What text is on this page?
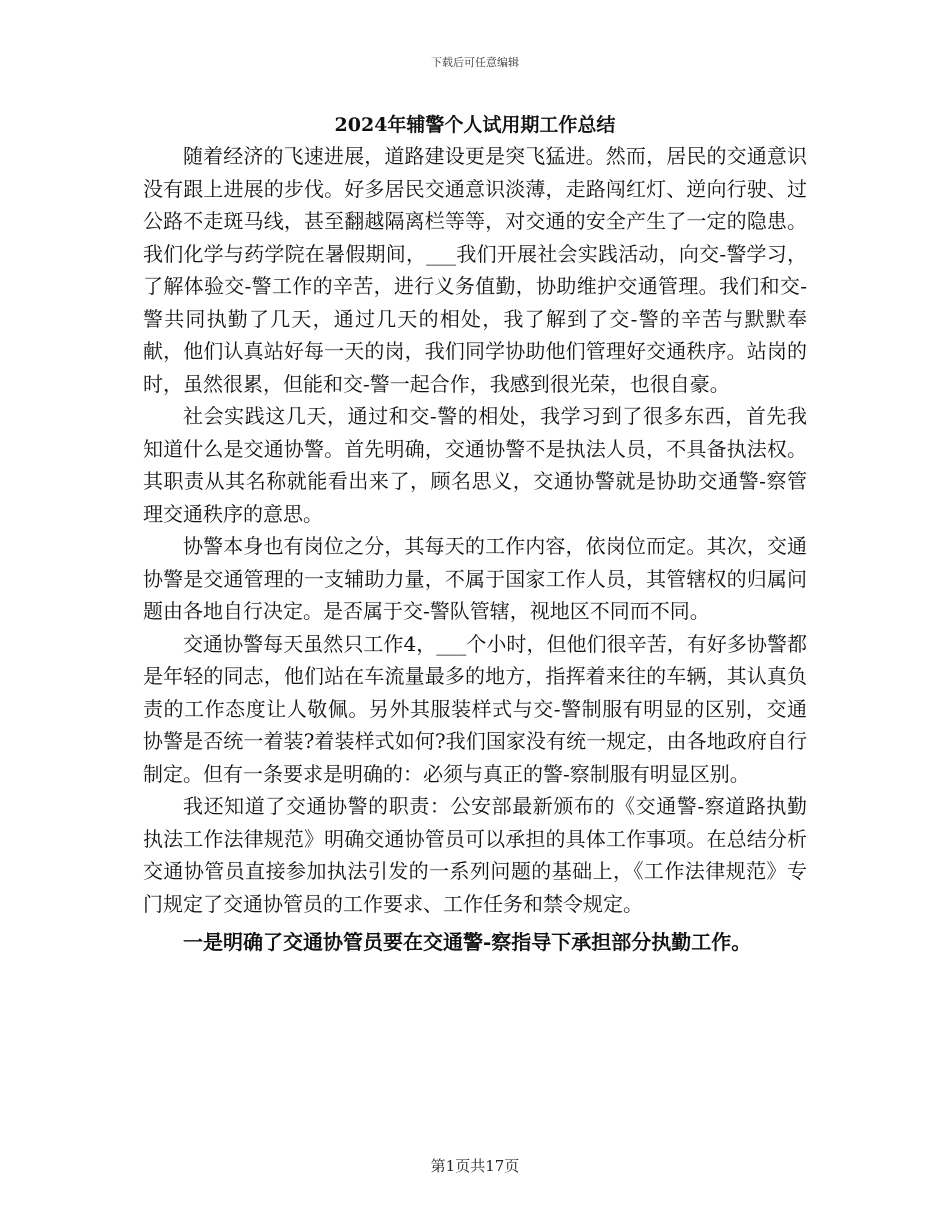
下载后可任意编辑
2024年辅警个人试用期工作总结

随着经济的飞速进展，道路建设更是突飞猛进。然而，居民的交通意识没有跟上进展的步伐。好多居民交通意识淡薄，走路闯红灯、逆向行驶、过公路不走斑马线，甚至翻越隔离栏等等，对交通的安全产生了一定的隐患。我们化学与药学院在暑假期间，___我们开展社会实践活动，向交-警学习，了解体验交-警工作的辛苦，进行义务值勤，协助维护交通管理。我们和交-警共同执勤了几天，通过几天的相处，我了解到了交-警的辛苦与默默奉献，他们认真站好每一天的岗，我们同学协助他们管理好交通秩序。站岗的时，虽然很累，但能和交-警一起合作，我感到很光荣，也很自豪。

社会实践这几天，通过和交-警的相处，我学习到了很多东西，首先我知道什么是交通协警。首先明确，交通协警不是执法人员，不具备执法权。其职责从其名称就能看出来了，顾名思义，交通协警就是协助交通警-察管理交通秩序的意思。

协警本身也有岗位之分，其每天的工作内容，依岗位而定。其次，交通协警是交通管理的一支辅助力量，不属于国家工作人员，其管辖权的归属问题由各地自行决定。是否属于交-警队管辖，视地区不同而不同。

交通协警每天虽然只工作4，___个小时，但他们很辛苦，有好多协警都是年轻的同志，他们站在车流量最多的地方，指挥着来往的车辆，其认真负责的工作态度让人敬佩。另外其服装样式与交-警制服有明显的区别，交通协警是否统一着装?着装样式如何?我们国家没有统一规定，由各地政府自行制定。但有一条要求是明确的：必须与真正的警-察制服有明显区别。

我还知道了交通协警的职责：公安部最新颁布的《交通警-察道路执勤执法工作法律规范》明确交通协管员可以承担的具体工作事项。在总结分析交通协管员直接参加执法引发的一系列问题的基础上，《工作法律规范》专门规定了交通协管员的工作要求、工作任务和禁令规定。

一是明确了交通协管员要在交通警-察指导下承担部分执勤工作。

第1页共17页
